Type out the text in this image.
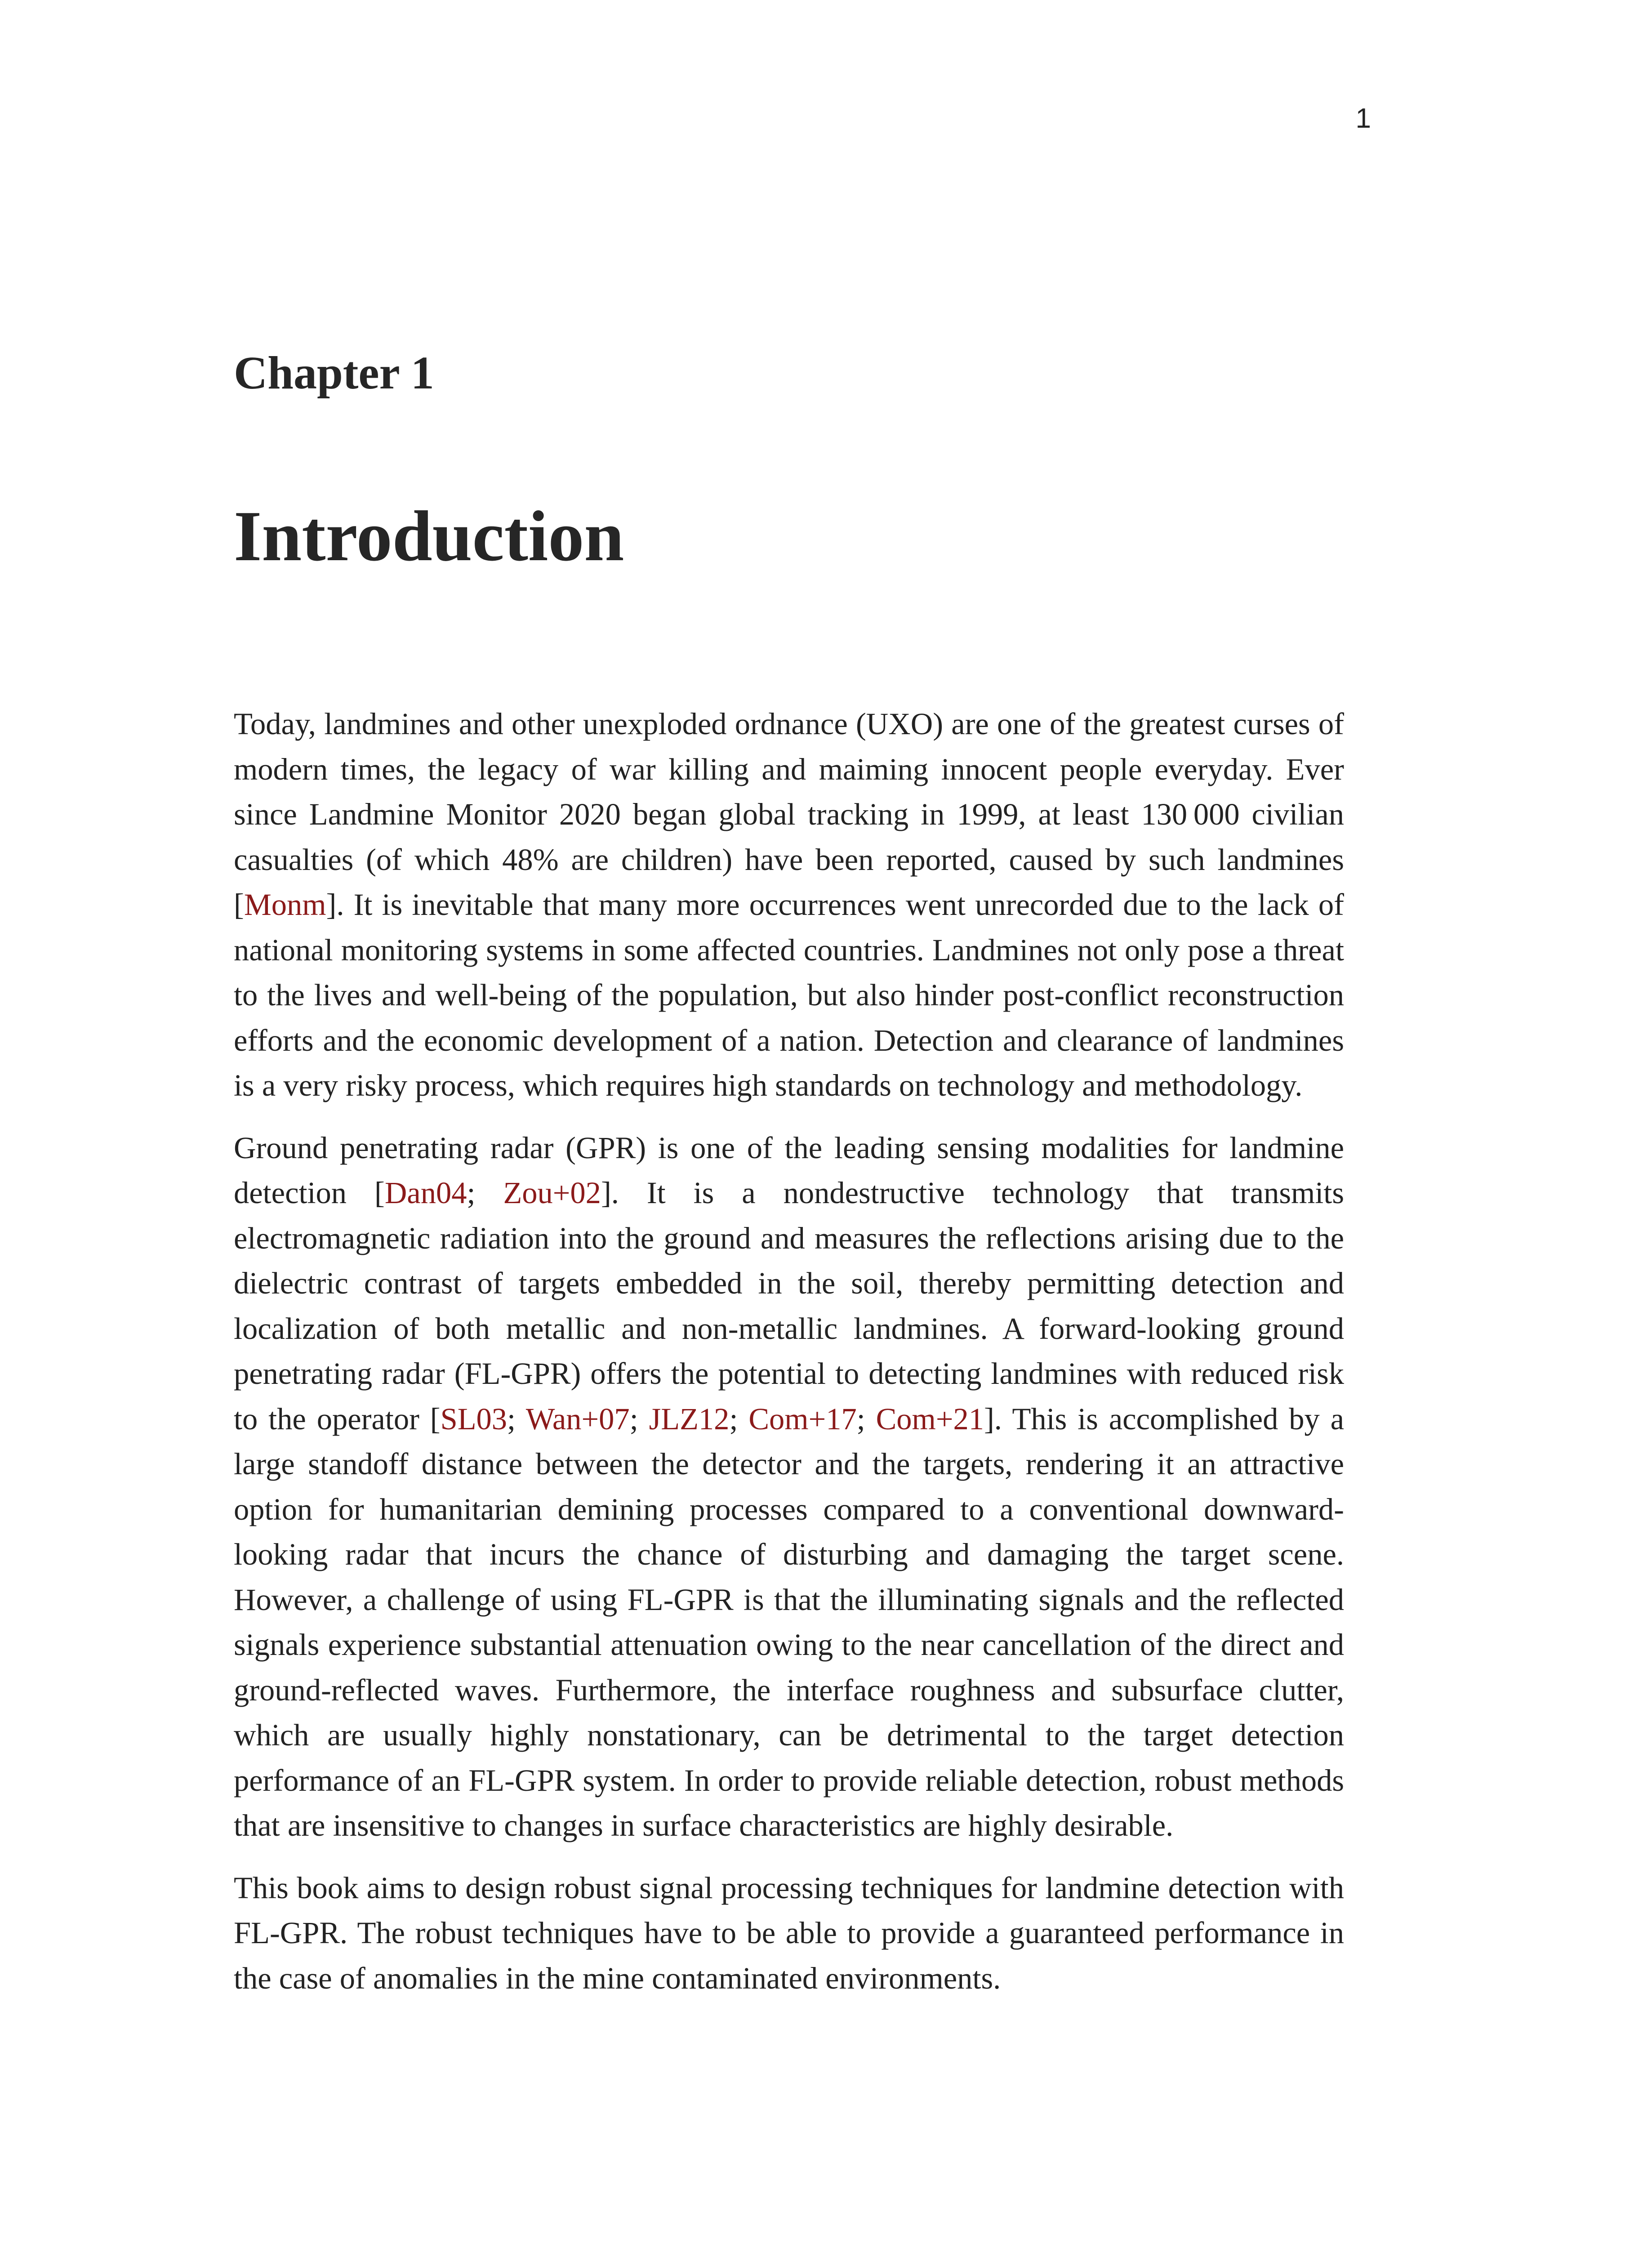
1
Chapter 1
Introduction

Today, landmines and other unexploded ordnance (UXO) are one of the greatest curses of modern times, the legacy of war killing and maiming innocent people everyday. Ever since Landmine Monitor 2020 began global tracking in 1999, at least 130 000 civilian casualties (of which 48% are children) have been reported, caused by such landmines [Monm]. It is inevitable that many more occurrences went unrecorded due to the lack of national monitoring systems in some affected countries. Landmines not only pose a threat to the lives and well-being of the population, but also hinder post-conflict reconstruction efforts and the economic development of a nation. Detection and clearance of landmines is a very risky process, which requires high standards on technology and methodology.

Ground penetrating radar (GPR) is one of the leading sensing modalities for landmine detection [Dan04; Zou+02]. It is a nondestructive technology that transmits electromagnetic radiation into the ground and measures the reflections arising due to the dielectric contrast of targets embedded in the soil, thereby permitting detection and localization of both metallic and non-metallic landmines. A forward-looking ground penetrating radar (FL-GPR) offers the potential to detecting landmines with reduced risk to the operator [SL03; Wan+07; JLZ12; Com+17; Com+21]. This is accomplished by a large standoff distance between the detector and the targets, rendering it an attractive option for humanitarian demining processes compared to a conventional downward-looking radar that incurs the chance of disturbing and damaging the target scene. However, a challenge of using FL-GPR is that the illuminating signals and the reflected signals experience substantial attenuation owing to the near cancellation of the direct and ground-reflected waves. Furthermore, the interface roughness and subsurface clutter, which are usually highly nonstationary, can be detrimental to the target detection performance of an FL-GPR system. In order to provide reliable detection, robust methods that are insensitive to changes in surface characteristics are highly desirable.

This book aims to design robust signal processing techniques for landmine detection with FL-GPR. The robust techniques have to be able to provide a guaranteed performance in the case of anomalies in the mine contaminated environments.
